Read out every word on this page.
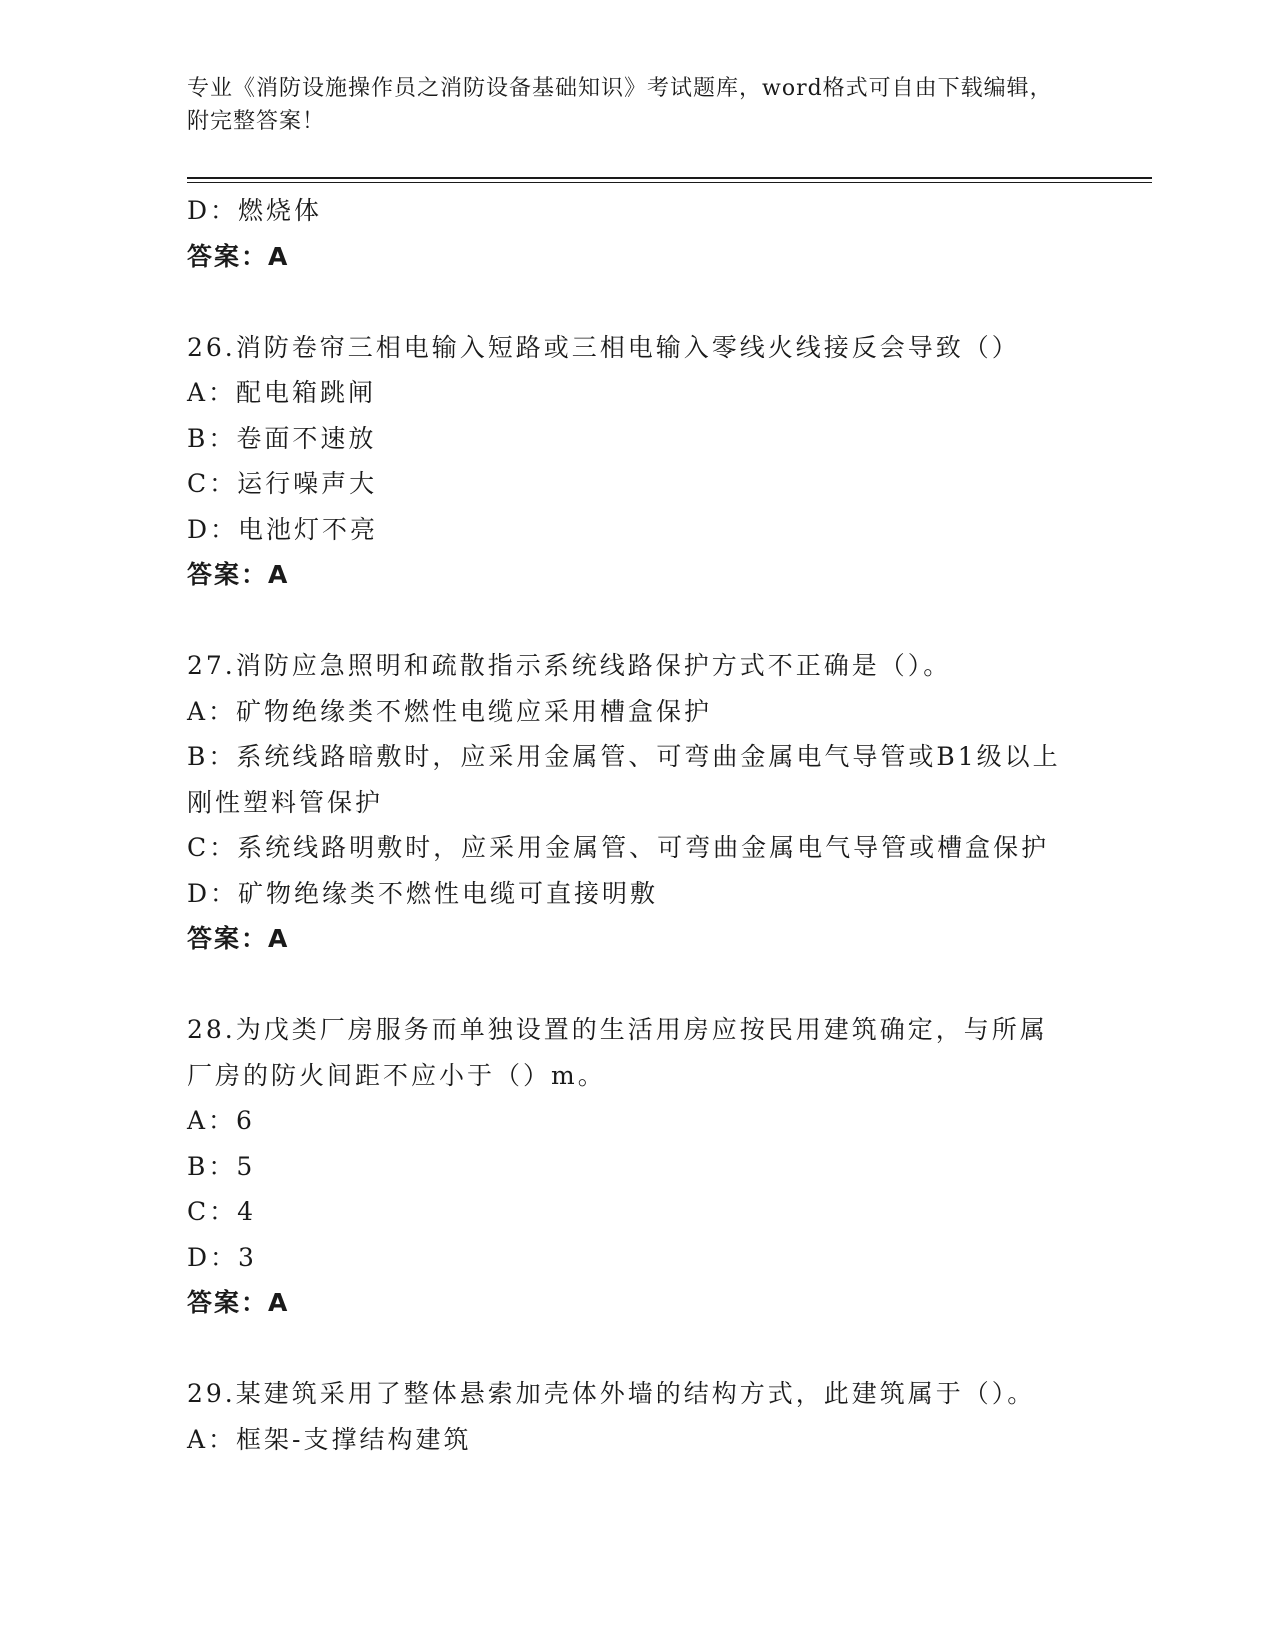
专业《消防设施操作员之消防设备基础知识》考试题库，word格式可自由下载编辑，附完整答案！
D：燃烧体
答案：A
26.消防卷帘三相电输入短路或三相电输入零线火线接反会导致（）
A：配电箱跳闸
B：卷面不速放
C：运行噪声大
D：电池灯不亮
答案：A
27.消防应急照明和疏散指示系统线路保护方式不正确是（）。
A：矿物绝缘类不燃性电缆应采用槽盒保护
B：系统线路暗敷时，应采用金属管、可弯曲金属电气导管或B1级以上刚性塑料管保护
C：系统线路明敷时，应采用金属管、可弯曲金属电气导管或槽盒保护
D：矿物绝缘类不燃性电缆可直接明敷
答案：A
28.为戊类厂房服务而单独设置的生活用房应按民用建筑确定，与所属厂房的防火间距不应小于（）m。
A：6
B：5
C：4
D：3
答案：A
29.某建筑采用了整体悬索加壳体外墙的结构方式，此建筑属于（）。
A：框架-支撑结构建筑
